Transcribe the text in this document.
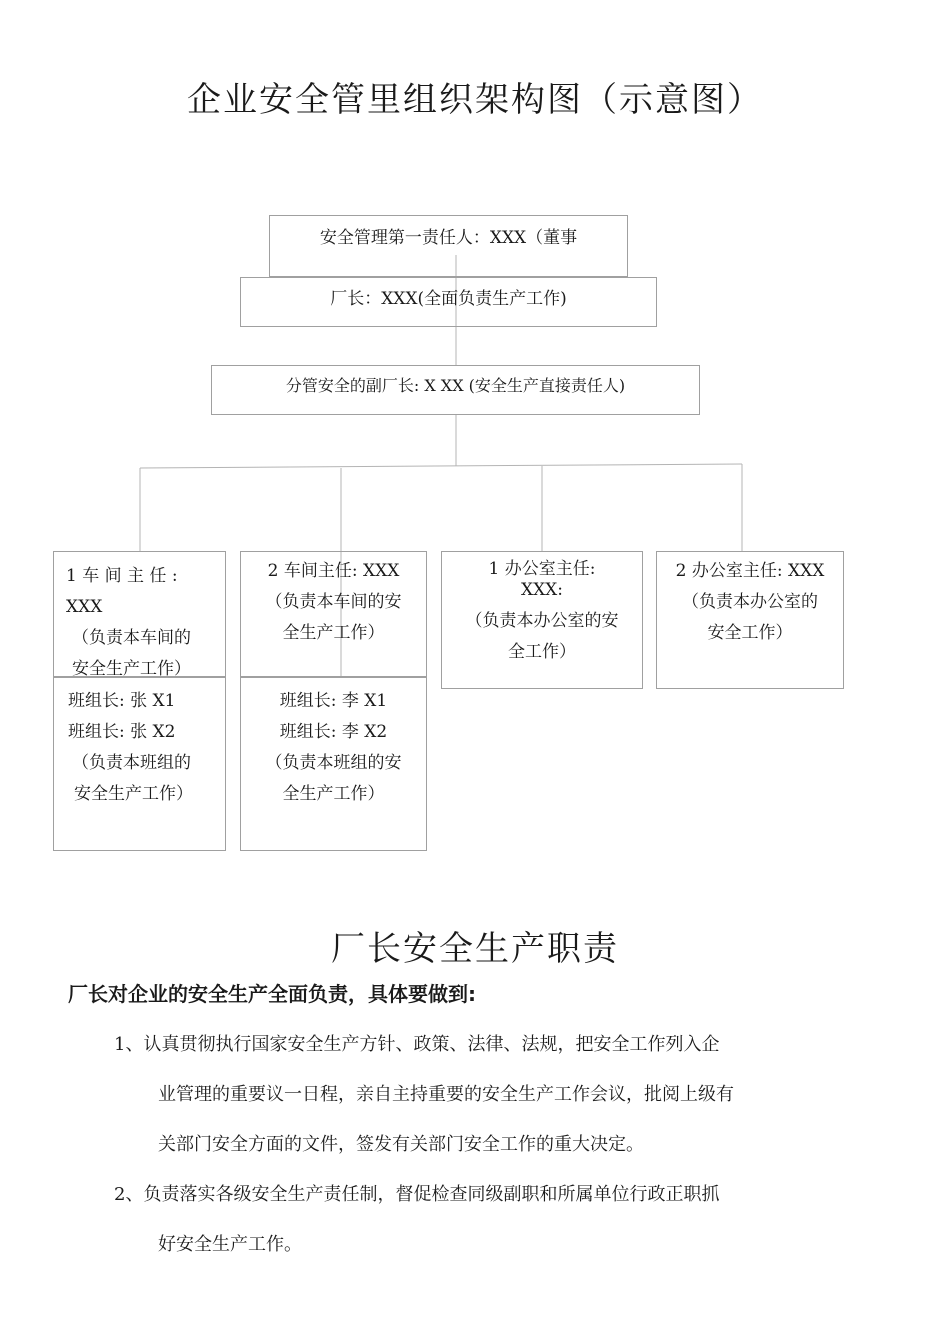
企业安全管里组织架构图（示意图）
安全管理第一责任人：XXX（董事
厂长：XXX(全面负责生产工作)
分管安全的副厂长: X XX (安全生产直接责任人)
1 车 间 主 任 :
XXX
（负责本车间的
安全生产工作）
2 车间主任: XXX
（负责本车间的安
全生产工作）
1 办公室主任:
XXX:
（负责本办公室的安
全工作）
2 办公室主任: XXX
（负责本办公室的
安全工作）
班组长: 张 X1
班组长: 张 X2
（负责本班组的
安全生产工作）
班组长: 李 X1
班组长: 李 X2
（负责本班组的安
全生产工作）
厂长安全生产职责
厂长对企业的安全生产全面负责，具体要做到:
1、认真贯彻执行国家安全生产方针、政策、法律、法规，把安全工作列入企
业管理的重要议一日程，亲自主持重要的安全生产工作会议，批阅上级有
关部门安全方面的文件，签发有关部门安全工作的重大决定。
2、负责落实各级安全生产责任制，督促检查同级副职和所属单位行政正职抓
好安全生产工作。
